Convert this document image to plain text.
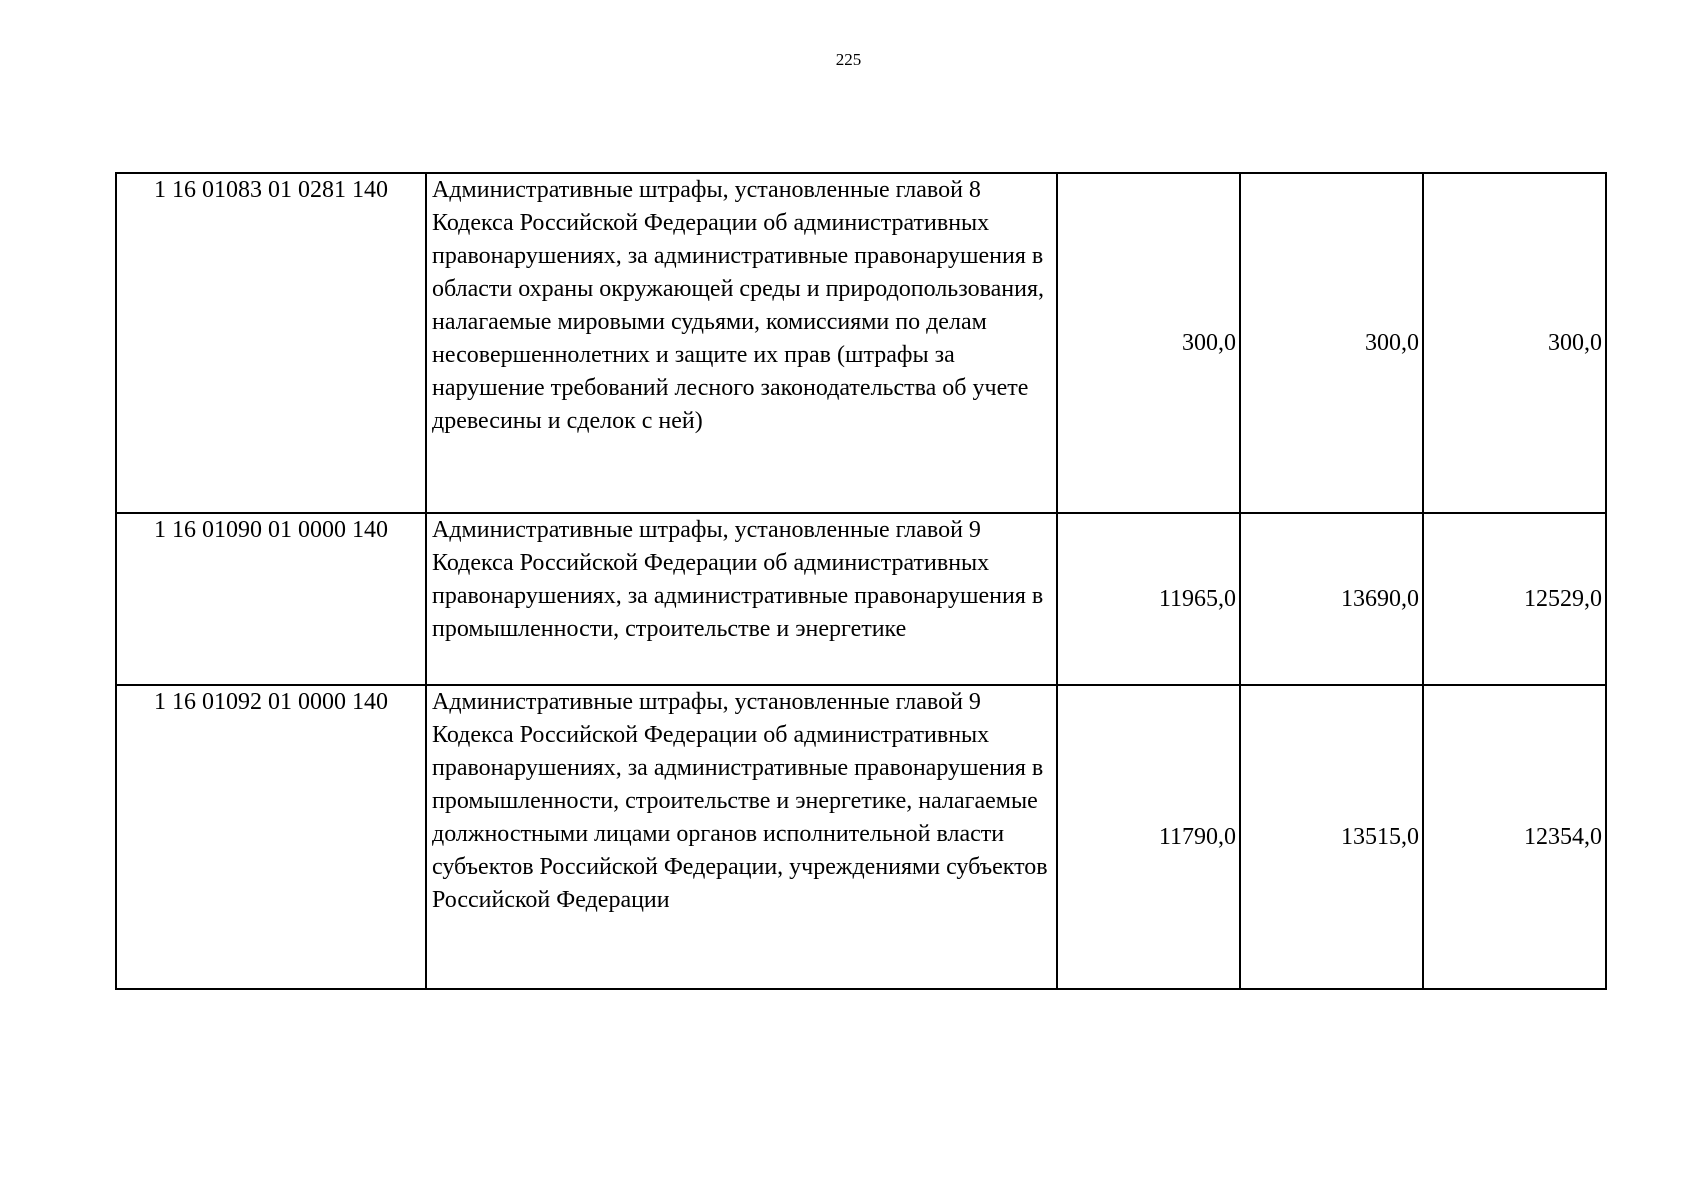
225
1 16 01083 01 0281 140	Административные штрафы, установленные главой 8 Кодекса Российской Федерации об административных правонарушениях, за административные правонарушения в области охраны окружающей среды и природопользования, налагаемые мировыми судьями, комиссиями по делам несовершеннолетних и защите их прав (штрафы за нарушение требований лесного законодательства об учете древесины и сделок с ней)	300,0	300,0	300,0
1 16 01090 01 0000 140	Административные штрафы, установленные главой 9 Кодекса Российской Федерации об административных правонарушениях, за административные правонарушения в промышленности, строительстве и энергетике	11965,0	13690,0	12529,0
1 16 01092 01 0000 140	Административные штрафы, установленные главой 9 Кодекса Российской Федерации об административных правонарушениях, за административные правонарушения в промышленности, строительстве и энергетике, налагаемые должностными лицами органов исполнительной власти субъектов Российской Федерации, учреждениями субъектов Российской Федерации	11790,0	13515,0	12354,0
